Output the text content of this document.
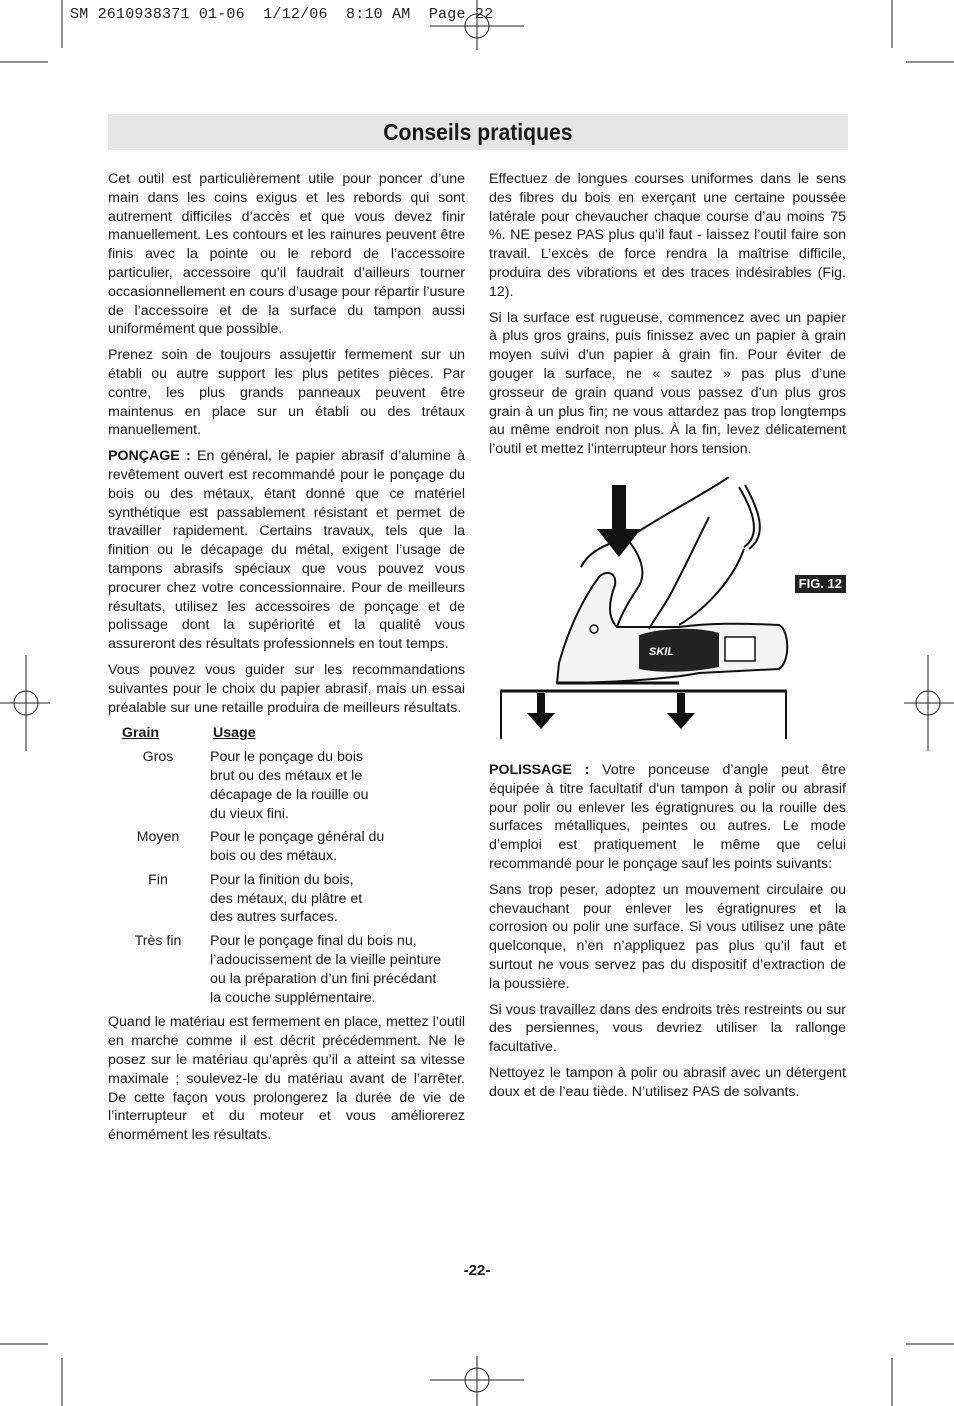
SM 2610938371 01-06  1/12/06  8:10 AM  Page 22
Conseils pratiques

Cet outil est particulièrement utile pour poncer d’une main dans les coins exigus et les rebords qui sont autrement difficiles d’accès et que vous devez finir manuellement. Les contours et les rainures peuvent être finis avec la pointe ou le rebord de l’accessoire particulier, accessoire qu’il faudrait d’ailleurs tourner occasionnellement en cours d’usage pour répartir l’usure de l’accessoire et de la surface du tampon aussi uniformément que possible.

Prenez soin de toujours assujettir fermement sur un établi ou autre support les plus petites pièces. Par contre, les plus grands panneaux peuvent être maintenus en place sur un établi ou des trétaux manuellement.

PONÇAGE : En général, le papier abrasif d’alumine à revêtement ouvert est recommandé pour le ponçage du bois ou des métaux, étant donné que ce matériel synthétique est passablement résistant et permet de travailler rapidement. Certains travaux, tels que la finition ou le décapage du métal, exigent l’usage de tampons abrasifs spéciaux que vous pouvez vous procurer chez votre concessionnaire. Pour de meilleurs résultats, utilisez les accessoires de ponçage et de polissage dont la supériorité et la qualité vous assureront des résultats professionnels en tout temps.

Vous pouvez vous guider sur les recommandations suivantes pour le choix du papier abrasif, mais un essai préalable sur une retaille produira de meilleurs résultats.

Grain	Usage
Gros	Pour le ponçage du bois
brut ou des métaux et le
décapage de la rouille ou
du vieux fini.
Moyen	Pour le ponçage général du
bois ou des métaux.
Fin	Pour la finition du bois,
des métaux, du plâtre et
des autres surfaces.
Très fin	Pour le ponçage final du bois nu,
l’adoucissement de la vieille peinture
ou la préparation d’un fini précédant
la couche supplémentaire.

Quand le matériau est fermement en place, mettez l’outil en marche comme il est décrit précédemment. Ne le posez sur le matériau qu’après qu’il a atteint sa vitesse maximale ; soulevez-le du matériau avant de l’arrêter. De cette façon vous prolongerez la durée de vie de l’interrupteur et du moteur et vous améliorerez énormément les résultats.

Effectuez de longues courses uniformes dans le sens des fibres du bois en exerçant une certaine poussée latérale pour chevaucher chaque course d’au moins 75 %. NE pesez PAS plus qu’il faut - laissez l’outil faire son travail. L’excès de force rendra la maîtrise difficile, produira des vibrations et des traces indésirables (Fig. 12).

Si la surface est rugueuse, commencez avec un papier à plus gros grains, puis finissez avec un papier à grain moyen suivi d'un papier à grain fin. Pour éviter de gouger la surface, ne « sautez » pas plus d’une grosseur de grain quand vous passez d’un plus gros grain à un plus fin; ne vous attardez pas trop longtemps au même endroit non plus. À la fin, levez délicatement l’outil et mettez l’interrupteur hors tension.

SKIL
FIG. 12

POLISSAGE : Votre ponceuse d’angle peut être équipée à titre facultatif d'un tampon à polir ou abrasif pour polir ou enlever les égratignures ou la rouille des surfaces métalliques, peintes ou autres. Le mode d’emploi est pratiquement le même que celui recommandé pour le ponçage sauf les points suivants:

Sans trop peser, adoptez un mouvement circulaire ou chevauchant pour enlever les égratignures et la corrosion ou polir une surface. Si vous utilisez une pâte quelconque, n’en n’appliquez pas plus qu’il faut et surtout ne vous servez pas du dispositif d’extraction de la poussière.

Si vous travaillez dans des endroits très restreints ou sur des persiennes, vous devriez utiliser la rallonge facultative.

Nettoyez le tampon à polir ou abrasif avec un détergent doux et de l’eau tiède. N’utilisez PAS de solvants.

-22-
